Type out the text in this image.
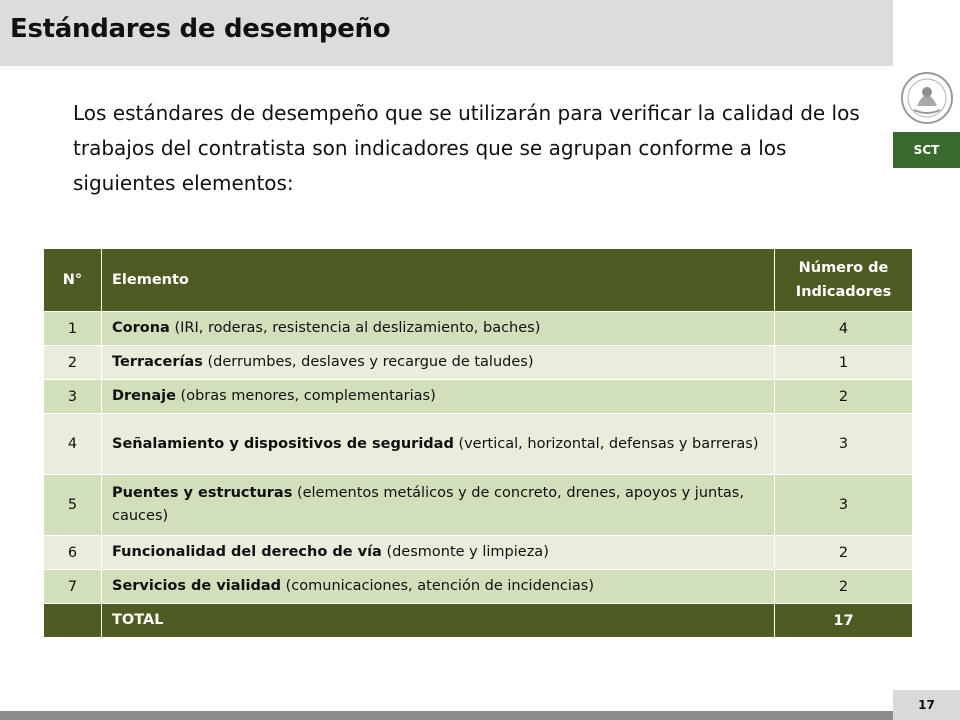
Estándares de desempeño
SCT

Los estándares de desempeño que se utilizarán para verificar la calidad de los trabajos del contratista son indicadores que se agrupan conforme a los siguientes elementos:

N°	Elemento	Número de Indicadores
1	Corona (IRI, roderas, resistencia al deslizamiento, baches)	4
2	Terracerías (derrumbes, deslaves y recargue de taludes)	1
3	Drenaje (obras menores, complementarias)	2
4	Señalamiento y dispositivos de seguridad (vertical, horizontal, defensas y barreras)	3
5	Puentes y estructuras (elementos metálicos y de concreto, drenes, apoyos y juntas, cauces)	3
6	Funcionalidad del derecho de vía (desmonte y limpieza)	2
7	Servicios de vialidad (comunicaciones, atención de incidencias)	2
	TOTAL	17
17
